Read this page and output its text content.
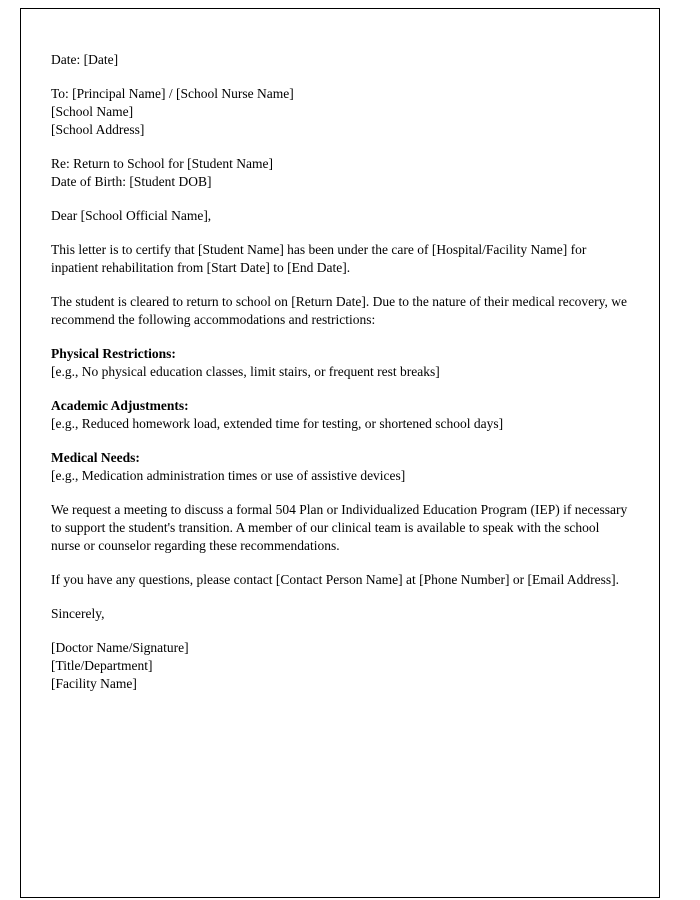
Date: [Date]

To: [Principal Name] / [School Nurse Name]
[School Name]
[School Address]

Re: Return to School for [Student Name]
Date of Birth: [Student DOB]

Dear [School Official Name],

This letter is to certify that [Student Name] has been under the care of [Hospital/Facility Name] for inpatient rehabilitation from [Start Date] to [End Date].

The student is cleared to return to school on [Return Date]. Due to the nature of their medical recovery, we recommend the following accommodations and restrictions:

Physical Restrictions:
[e.g., No physical education classes, limit stairs, or frequent rest breaks]

Academic Adjustments:
[e.g., Reduced homework load, extended time for testing, or shortened school days]

Medical Needs:
[e.g., Medication administration times or use of assistive devices]

We request a meeting to discuss a formal 504 Plan or Individualized Education Program (IEP) if necessary to support the student's transition. A member of our clinical team is available to speak with the school nurse or counselor regarding these recommendations.

If you have any questions, please contact [Contact Person Name] at [Phone Number] or [Email Address].

Sincerely,

[Doctor Name/Signature]
[Title/Department]
[Facility Name]
